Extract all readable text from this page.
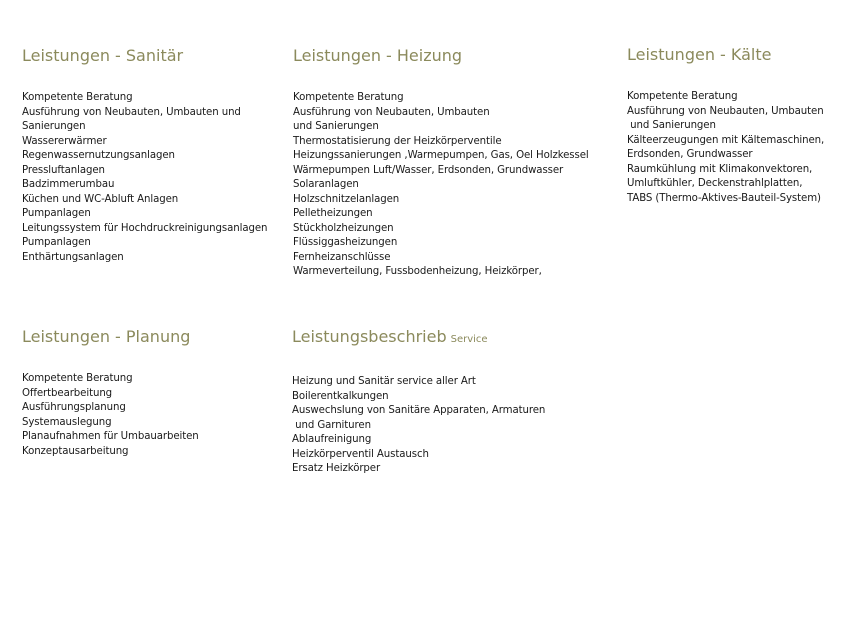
Leistungen - Sanitär
Kompetente Beratung
Ausführung von Neubauten, Umbauten und
Sanierungen
Wassererwärmer
Regenwassernutzungsanlagen
Pressluftanlagen
Badzimmerumbau
Küchen und WC-Abluft Anlagen
Pumpanlagen
Leitungssystem für Hochdruckreinigungsanlagen
Pumpanlagen
Enthärtungsanlagen
Leistungen - Heizung
Kompetente Beratung
Ausführung von Neubauten, Umbauten
und Sanierungen
Thermostatisierung der Heizkörperventile
Heizungssanierungen ,Warmepumpen, Gas, Oel Holzkessel
Wärmepumpen Luft/Wasser, Erdsonden, Grundwasser
Solaranlagen
Holzschnitzelanlagen
Pelletheizungen
Stückholzheizungen
Flüssiggasheizungen
Fernheizanschlüsse
Warmeverteilung, Fussbodenheizung, Heizkörper,
Leistungen - Kälte
Kompetente Beratung
Ausführung von Neubauten, Umbauten
und Sanierungen
Kälteerzeugungen mit Kältemaschinen,
Erdsonden, Grundwasser
Raumkühlung mit Klimakonvektoren,
Umluftkühler, Deckenstrahlplatten,
TABS (Thermo-Aktives-Bauteil-System)
Leistungen - Planung
Kompetente Beratung
Offertbearbeitung
Ausführungsplanung
Systemauslegung
Planaufnahmen für Umbauarbeiten
Konzeptausarbeitung
Leistungsbeschrieb Service
Heizung und Sanitär service aller Art
Boilerentkalkungen
Auswechslung von Sanitäre Apparaten, Armaturen
und Garnituren
Ablaufreinigung
Heizkörperventil Austausch
Ersatz Heizkörper
